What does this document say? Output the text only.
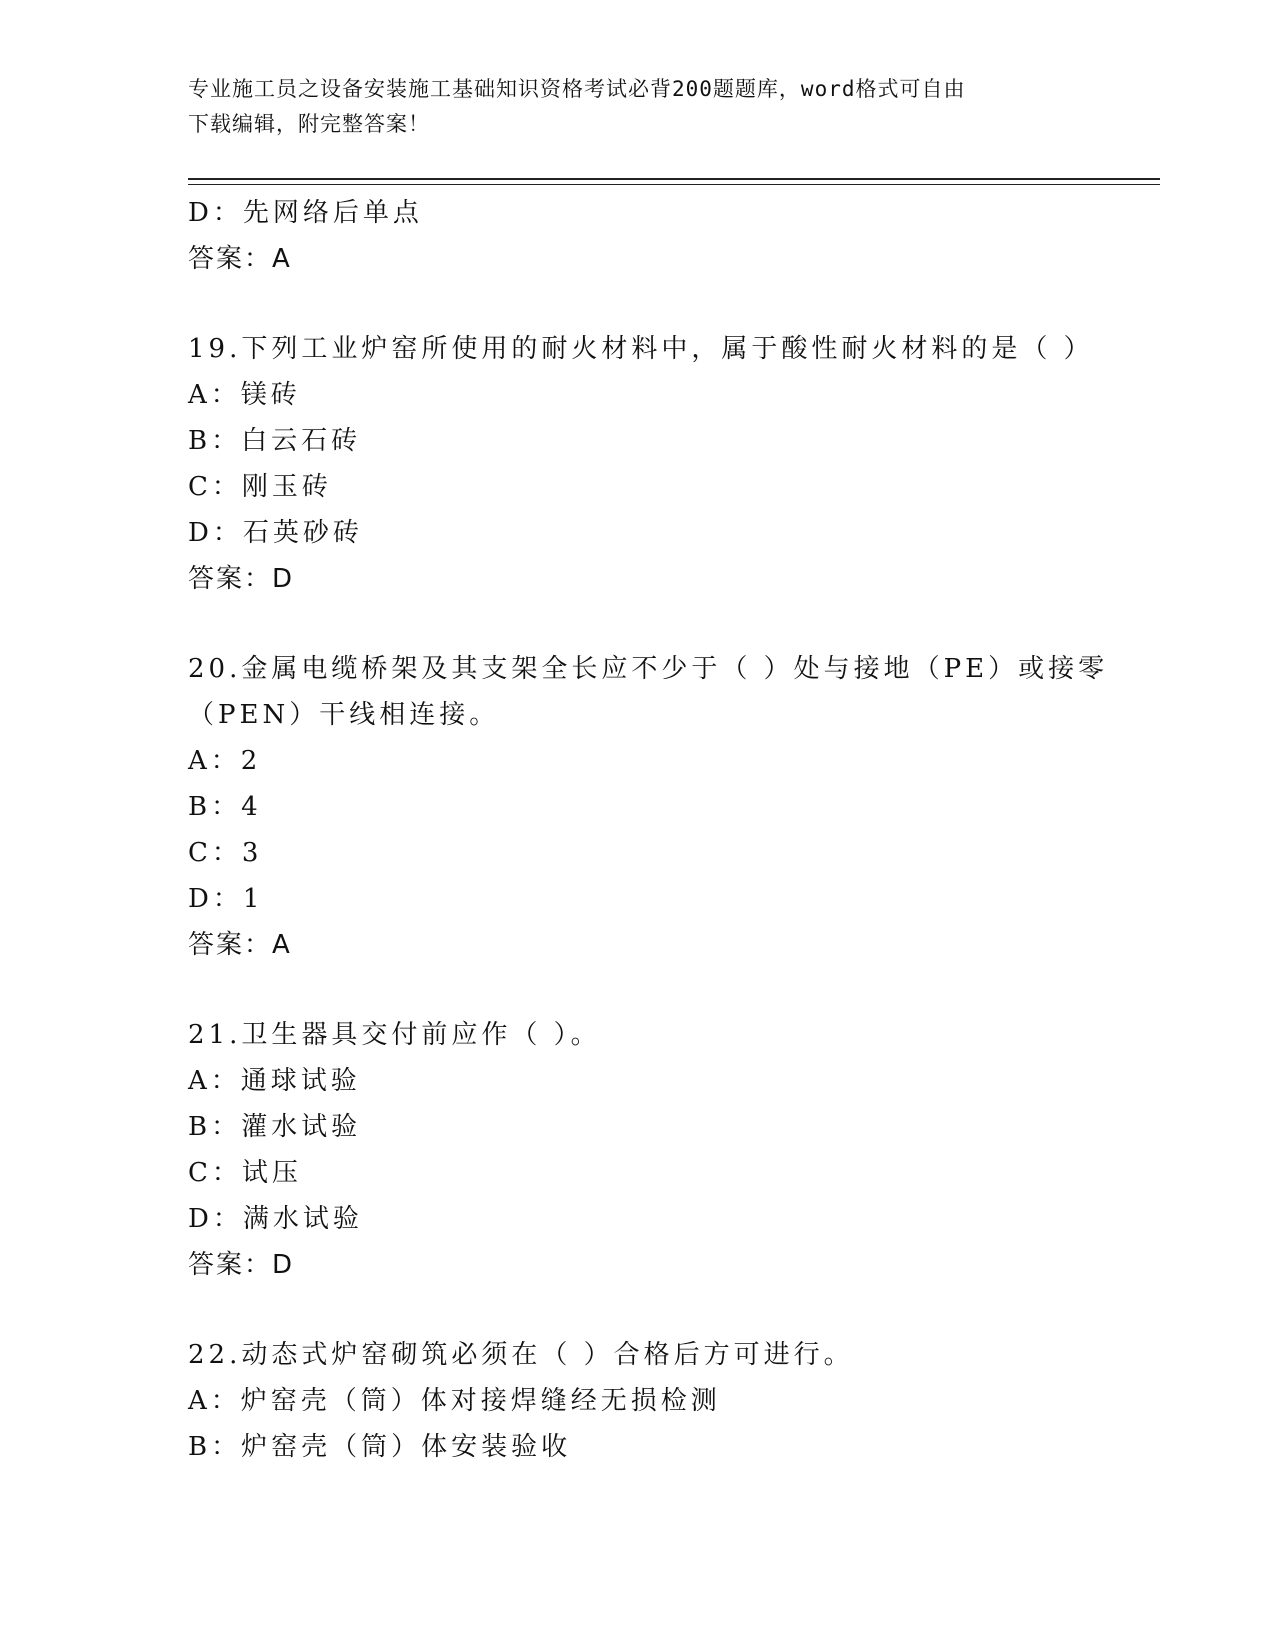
专业施工员之设备安装施工基础知识资格考试必背200题题库，word格式可自由
下载编辑，附完整答案！
D：先网络后单点
答案：A
19.下列工业炉窑所使用的耐火材料中，属于酸性耐火材料的是（ ）
A：镁砖
B：白云石砖
C：刚玉砖
D：石英砂砖
答案：D
20.金属电缆桥架及其支架全长应不少于（ ）处与接地（PE）或接零
（PEN）干线相连接。
A：2
B：4
C：3
D：1
答案：A
21.卫生器具交付前应作（ ）。
A：通球试验
B：灌水试验
C：试压
D：满水试验
答案：D
22.动态式炉窑砌筑必须在（ ）合格后方可进行。
A：炉窑壳（筒）体对接焊缝经无损检测
B：炉窑壳（筒）体安装验收
